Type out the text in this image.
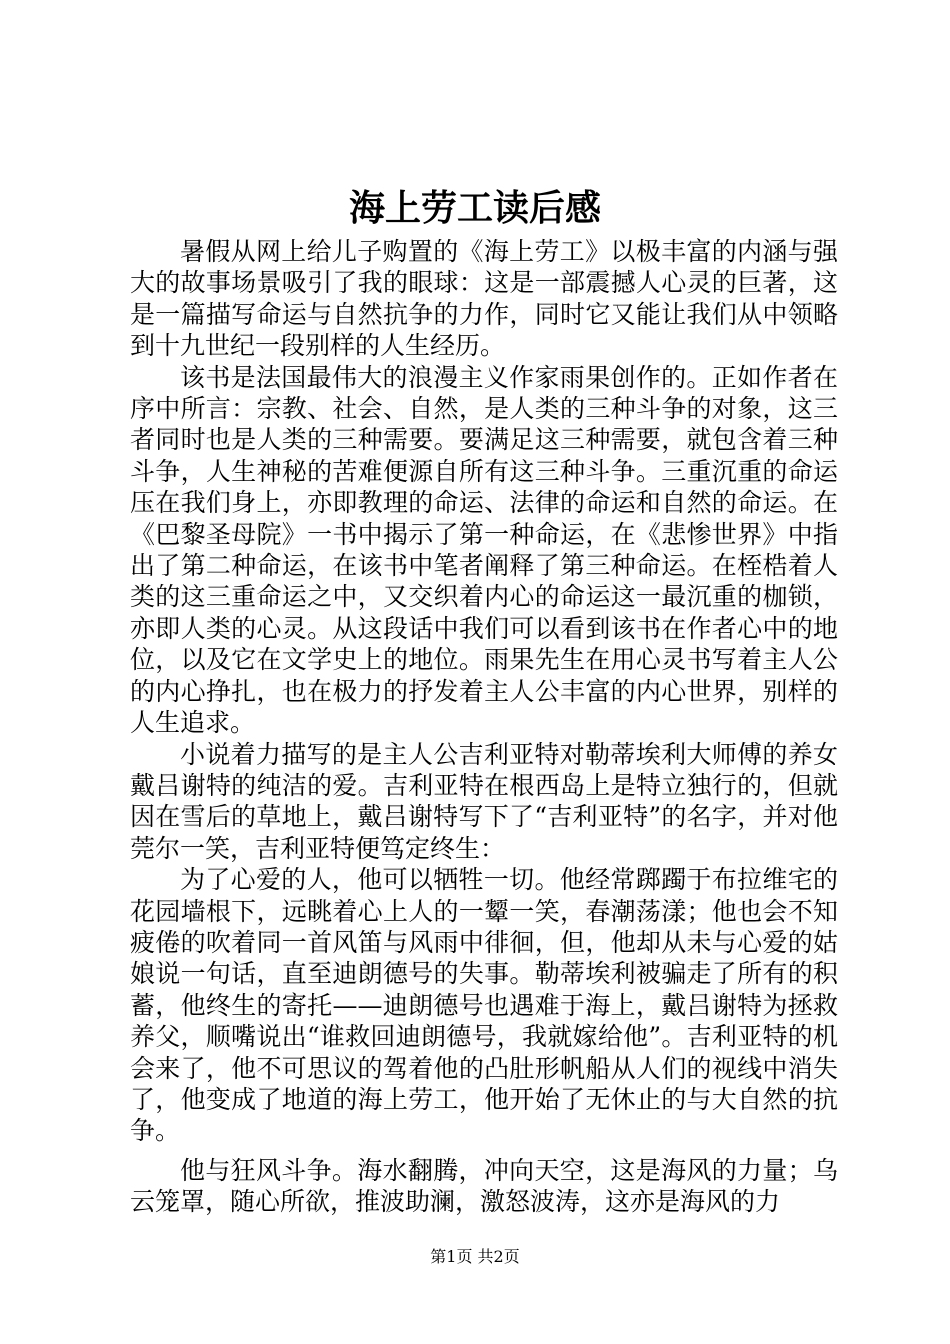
海上劳工读后感

暑假从网上给儿子购置的《海上劳工》以极丰富的内涵与强大的故事场景吸引了我的眼球：这是一部震撼人心灵的巨著，这是一篇描写命运与自然抗争的力作，同时它又能让我们从中领略到十九世纪一段别样的人生经历。

该书是法国最伟大的浪漫主义作家雨果创作的。正如作者在序中所言：宗教、社会、自然，是人类的三种斗争的对象，这三者同时也是人类的三种需要。要满足这三种需要，就包含着三种斗争，人生神秘的苦难便源自所有这三种斗争。三重沉重的命运压在我们身上，亦即教理的命运、法律的命运和自然的命运。在《巴黎圣母院》一书中揭示了第一种命运，在《悲惨世界》中指出了第二种命运，在该书中笔者阐释了第三种命运。在桎梏着人类的这三重命运之中，又交织着内心的命运这一最沉重的枷锁，亦即人类的心灵。从这段话中我们可以看到该书在作者心中的地位，以及它在文学史上的地位。雨果先生在用心灵书写着主人公的内心挣扎，也在极力的抒发着主人公丰富的内心世界，别样的人生追求。

小说着力描写的是主人公吉利亚特对勒蒂埃利大师傅的养女戴吕谢特的纯洁的爱。吉利亚特在根西岛上是特立独行的，但就因在雪后的草地上，戴吕谢特写下了“吉利亚特”的名字，并对他莞尔一笑，吉利亚特便笃定终生：

为了心爱的人，他可以牺牲一切。他经常踯躅于布拉维宅的花园墙根下，远眺着心上人的一颦一笑，春潮荡漾；他也会不知疲倦的吹着同一首风笛与风雨中徘徊，但，他却从未与心爱的姑娘说一句话，直至迪朗德号的失事。勒蒂埃利被骗走了所有的积蓄，他终生的寄托——迪朗德号也遇难于海上，戴吕谢特为拯救养父，顺嘴说出“谁救回迪朗德号，我就嫁给他”。吉利亚特的机会来了，他不可思议的驾着他的凸肚形帆船从人们的视线中消失了，他变成了地道的海上劳工，他开始了无休止的与大自然的抗争。

他与狂风斗争。海水翻腾，冲向天空，这是海风的力量；乌云笼罩，随心所欲，推波助澜，激怒波涛，这亦是海风的力

第1页 共2页
